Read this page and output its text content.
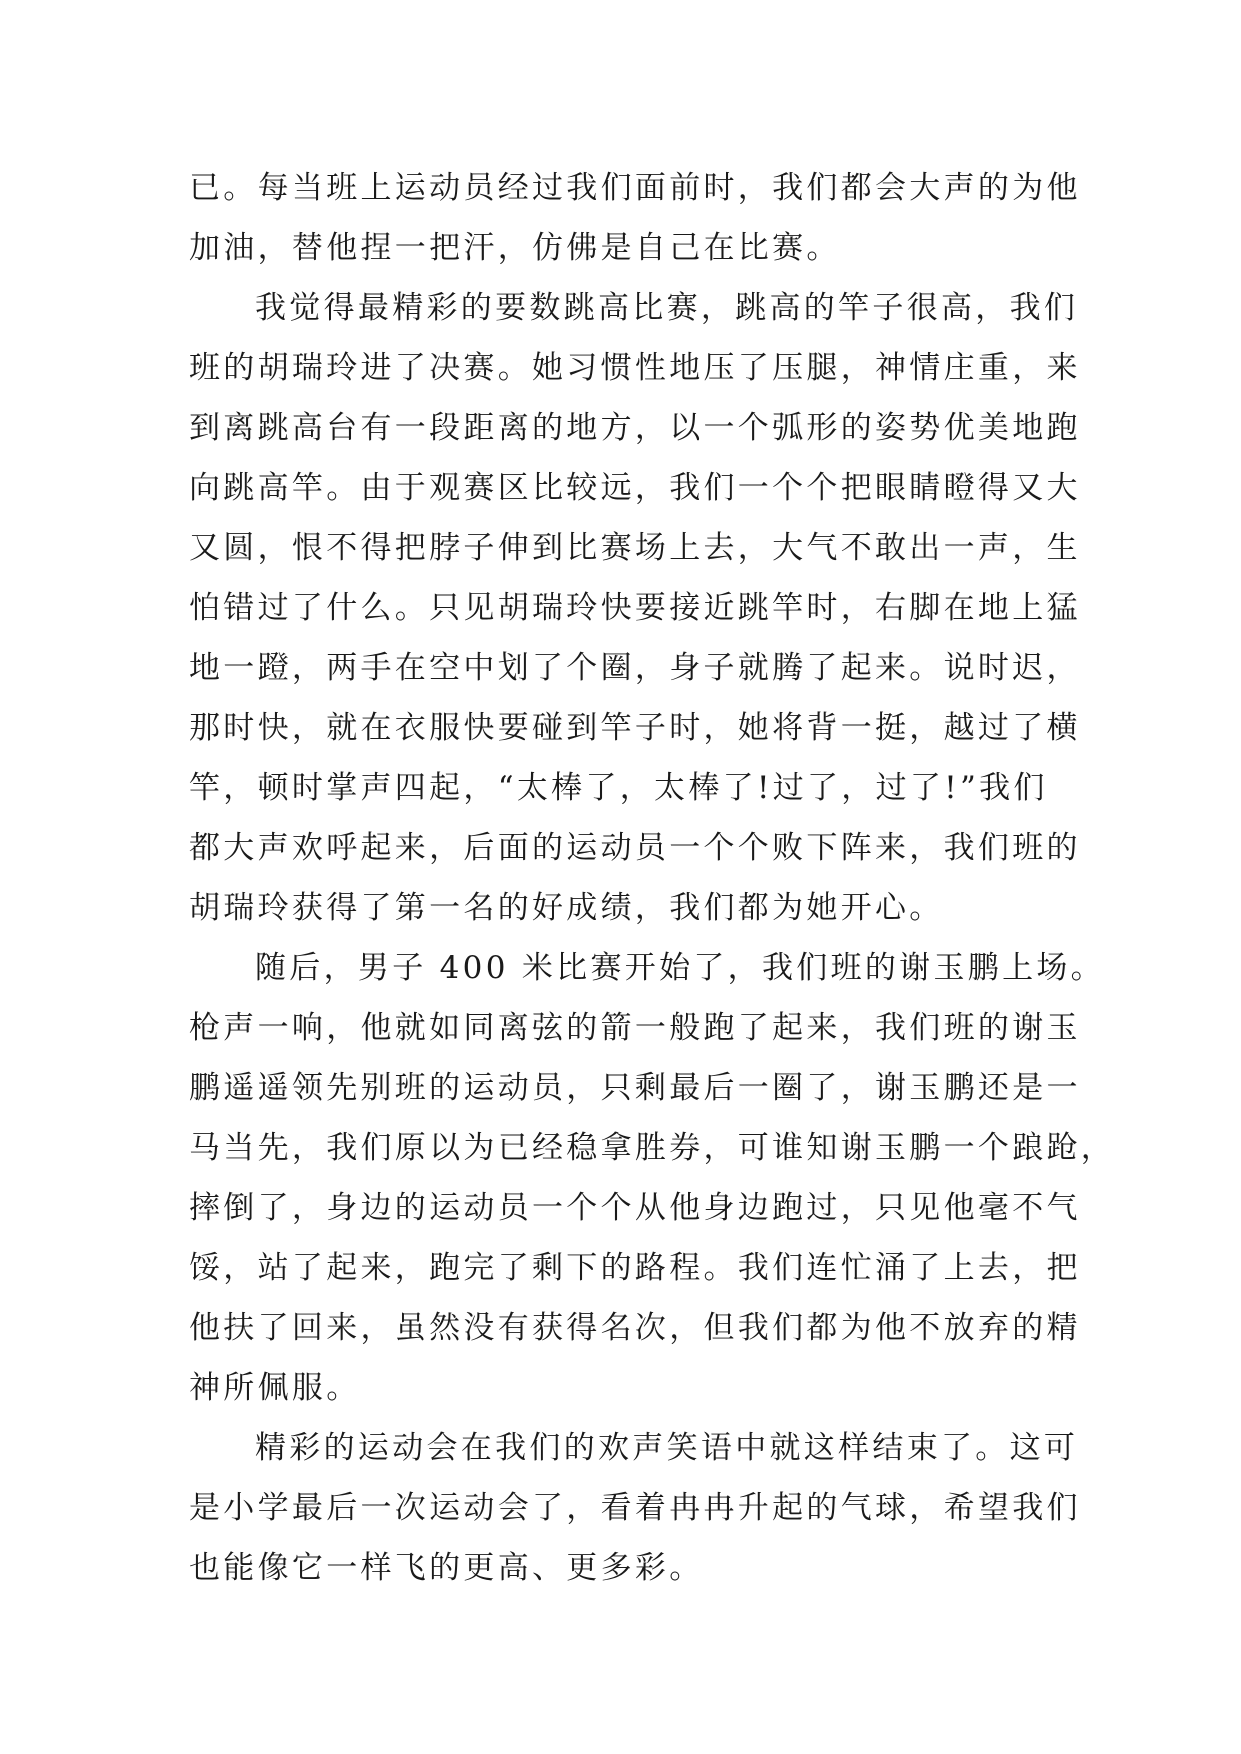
已。每当班上运动员经过我们面前时，我们都会大声的为他
加油，替他捏一把汗，仿佛是自己在比赛。
我觉得最精彩的要数跳高比赛，跳高的竿子很高，我们
班的胡瑞玲进了决赛。她习惯性地压了压腿，神情庄重，来
到离跳高台有一段距离的地方，以一个弧形的姿势优美地跑
向跳高竿。由于观赛区比较远，我们一个个把眼睛瞪得又大
又圆，恨不得把脖子伸到比赛场上去，大气不敢出一声，生
怕错过了什么。只见胡瑞玲快要接近跳竿时，右脚在地上猛
地一蹬，两手在空中划了个圈，身子就腾了起来。说时迟，
那时快，就在衣服快要碰到竿子时，她将背一挺，越过了横
竿，顿时掌声四起，“太棒了，太棒了!过了，过了!”我们
都大声欢呼起来，后面的运动员一个个败下阵来，我们班的
胡瑞玲获得了第一名的好成绩，我们都为她开心。
随后，男子 400 米比赛开始了，我们班的谢玉鹏上场。
枪声一响，他就如同离弦的箭一般跑了起来，我们班的谢玉
鹏遥遥领先别班的运动员，只剩最后一圈了，谢玉鹏还是一
马当先，我们原以为已经稳拿胜券，可谁知谢玉鹏一个踉跄，
摔倒了，身边的运动员一个个从他身边跑过，只见他毫不气
馁，站了起来，跑完了剩下的路程。我们连忙涌了上去，把
他扶了回来，虽然没有获得名次，但我们都为他不放弃的精
神所佩服。
精彩的运动会在我们的欢声笑语中就这样结束了。这可
是小学最后一次运动会了，看着冉冉升起的气球，希望我们
也能像它一样飞的更高、更多彩。
